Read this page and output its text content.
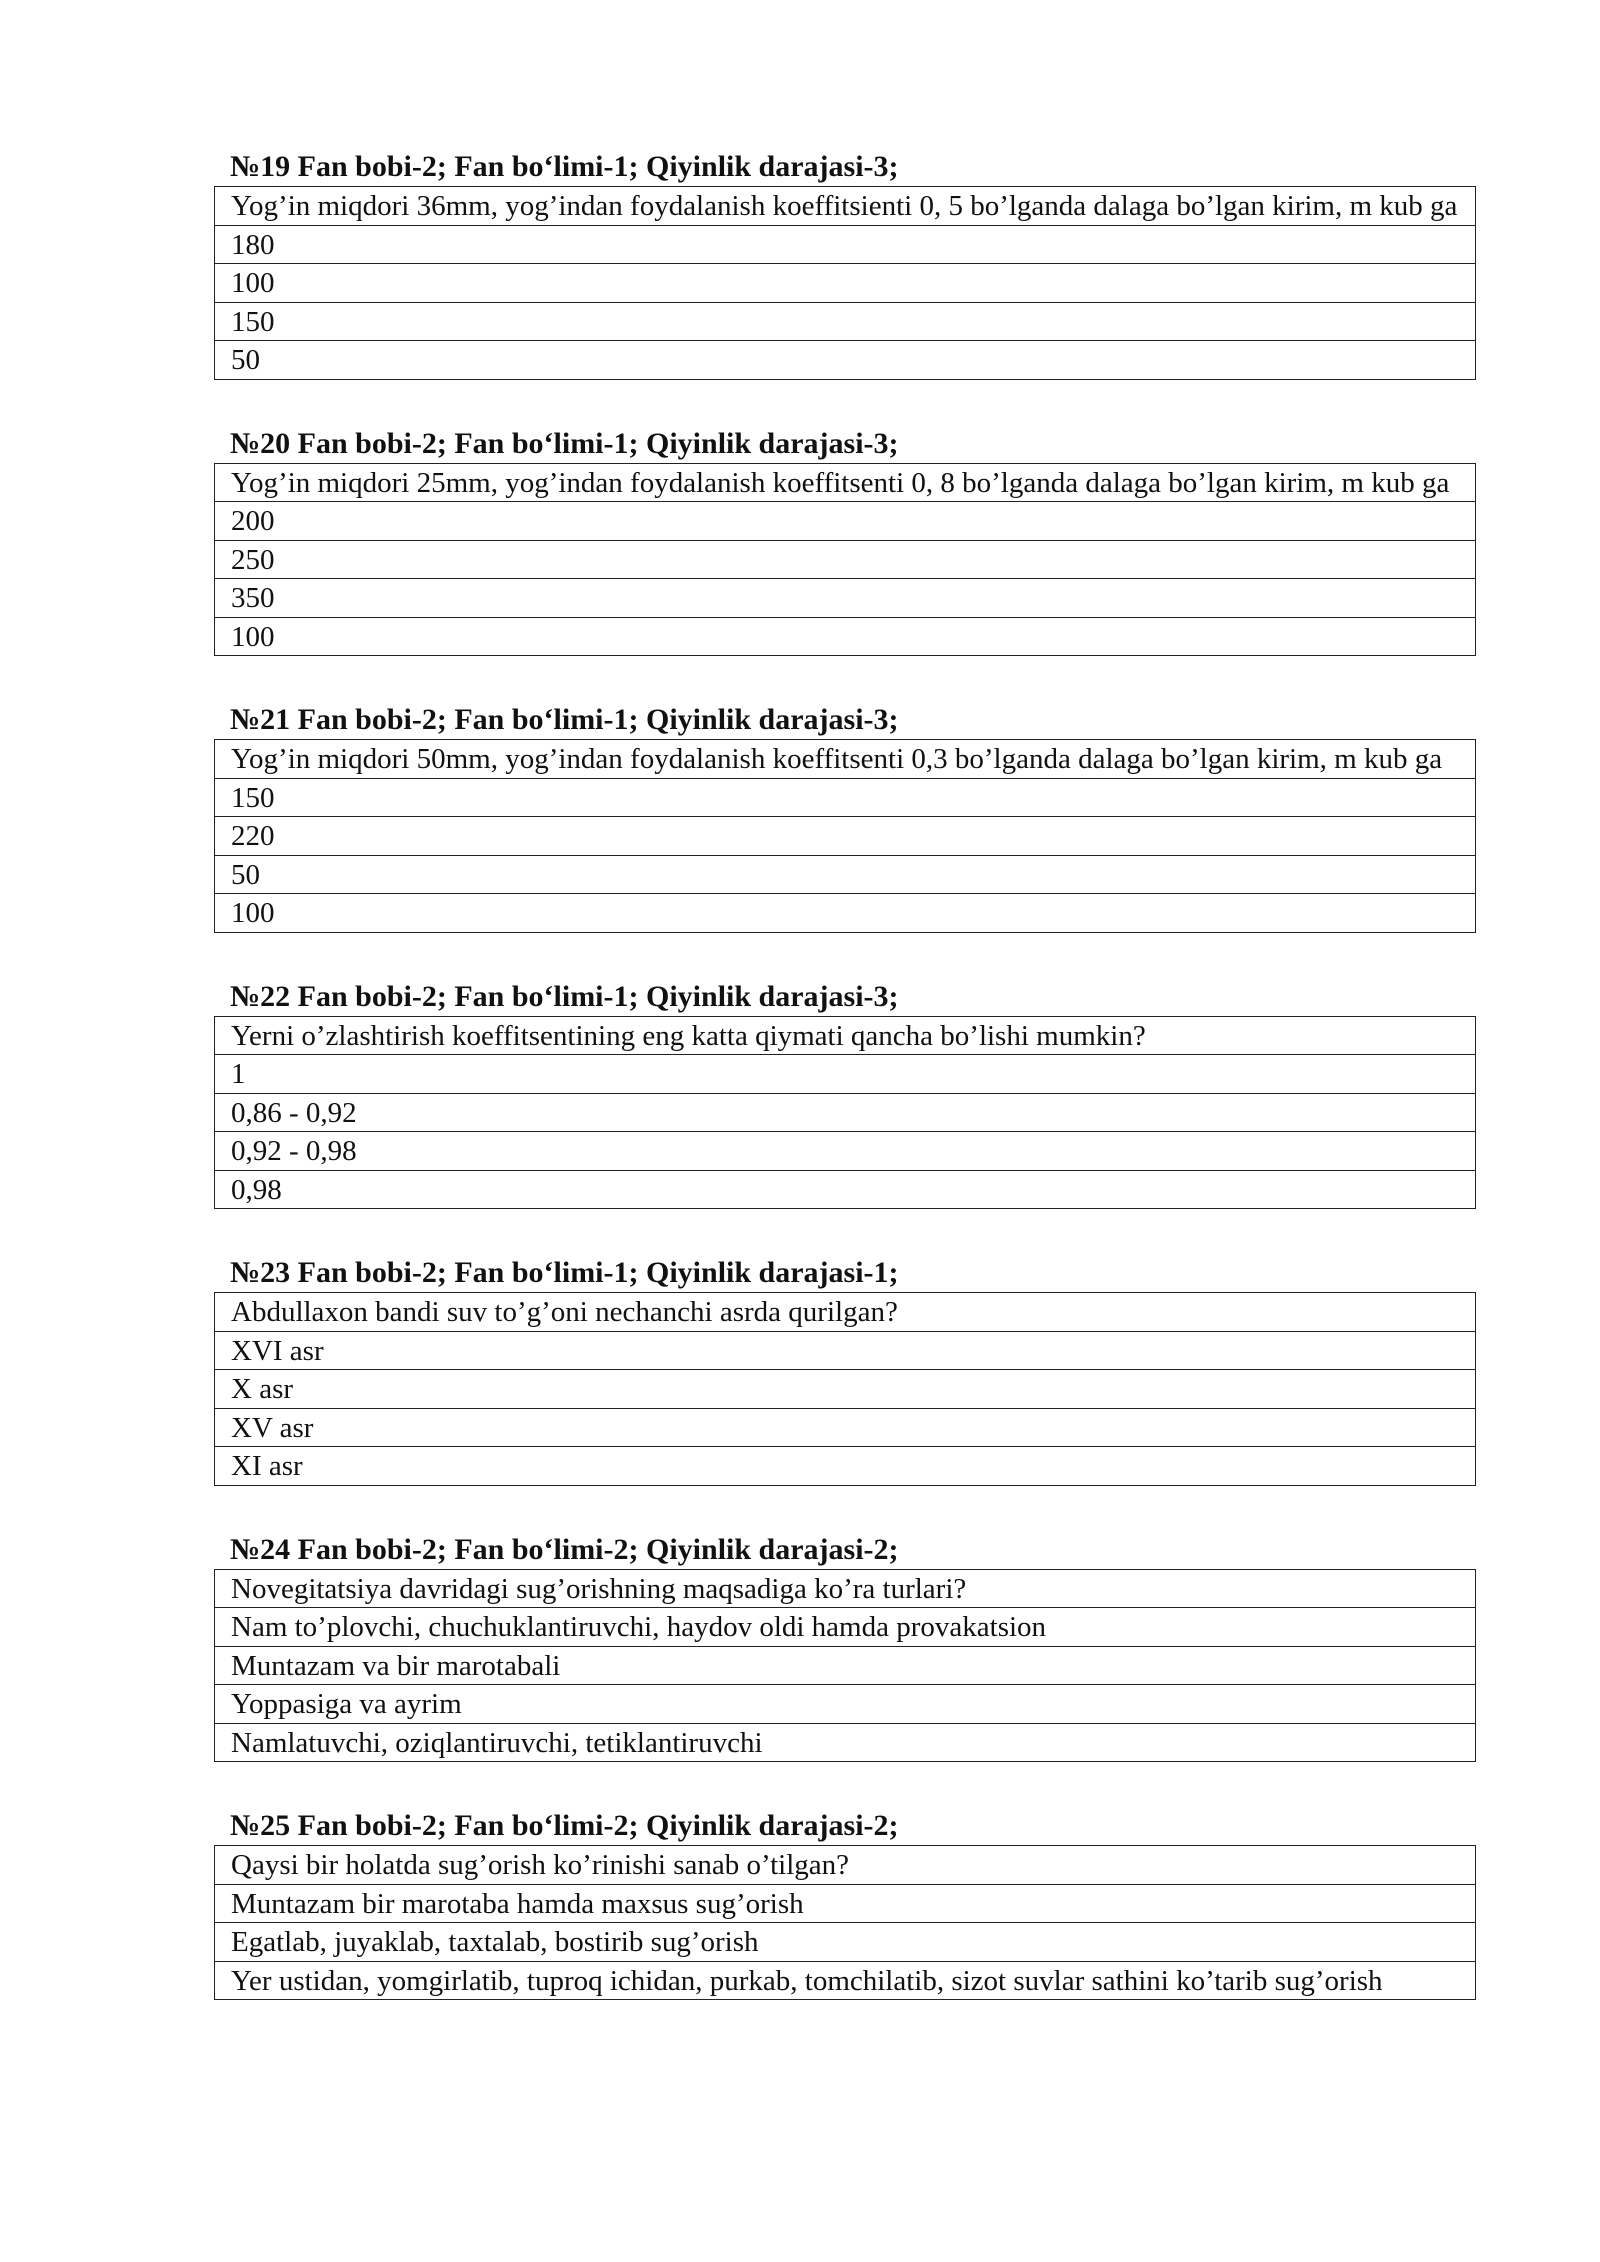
№19 Fan bobi-2; Fan bo‘limi-1; Qiyinlik darajasi-3;
Yog’in miqdori 36mm, yog’indan foydalanish koeffitsienti 0, 5 bo’lganda dalaga bo’lgan kirim, m kub ga
180
100
150
50
№20 Fan bobi-2; Fan bo‘limi-1; Qiyinlik darajasi-3;
Yog’in miqdori 25mm, yog’indan foydalanish koeffitsenti 0, 8 bo’lganda dalaga bo’lgan kirim, m kub ga
200
250
350
100
№21 Fan bobi-2; Fan bo‘limi-1; Qiyinlik darajasi-3;
Yog’in miqdori 50mm, yog’indan foydalanish koeffitsenti 0,3 bo’lganda dalaga bo’lgan kirim, m kub ga
150
220
50
100
№22 Fan bobi-2; Fan bo‘limi-1; Qiyinlik darajasi-3;
Yerni o’zlashtirish koeffitsentining eng katta qiymati qancha bo’lishi mumkin?
1
0,86 - 0,92
0,92 - 0,98
0,98
№23 Fan bobi-2; Fan bo‘limi-1; Qiyinlik darajasi-1;
Abdullaxon bandi suv to’g’oni nechanchi asrda qurilgan?
XVI asr
X asr
XV asr
XI asr
№24 Fan bobi-2; Fan bo‘limi-2; Qiyinlik darajasi-2;
Novegitatsiya davridagi sug’orishning maqsadiga ko’ra turlari?
Nam to’plovchi, chuchuklantiruvchi, haydov oldi hamda provakatsion
Muntazam va bir marotabali
Yoppasiga va ayrim
Namlatuvchi, oziqlantiruvchi, tetiklantiruvchi
№25 Fan bobi-2; Fan bo‘limi-2; Qiyinlik darajasi-2;
Qaysi bir holatda sug’orish ko’rinishi sanab o’tilgan?
Muntazam bir marotaba hamda maxsus sug’orish
Egatlab, juyaklab, taxtalab, bostirib sug’orish
Yer ustidan, yomgirlatib, tuproq ichidan, purkab, tomchilatib, sizot suvlar sathini ko’tarib sug’orish
